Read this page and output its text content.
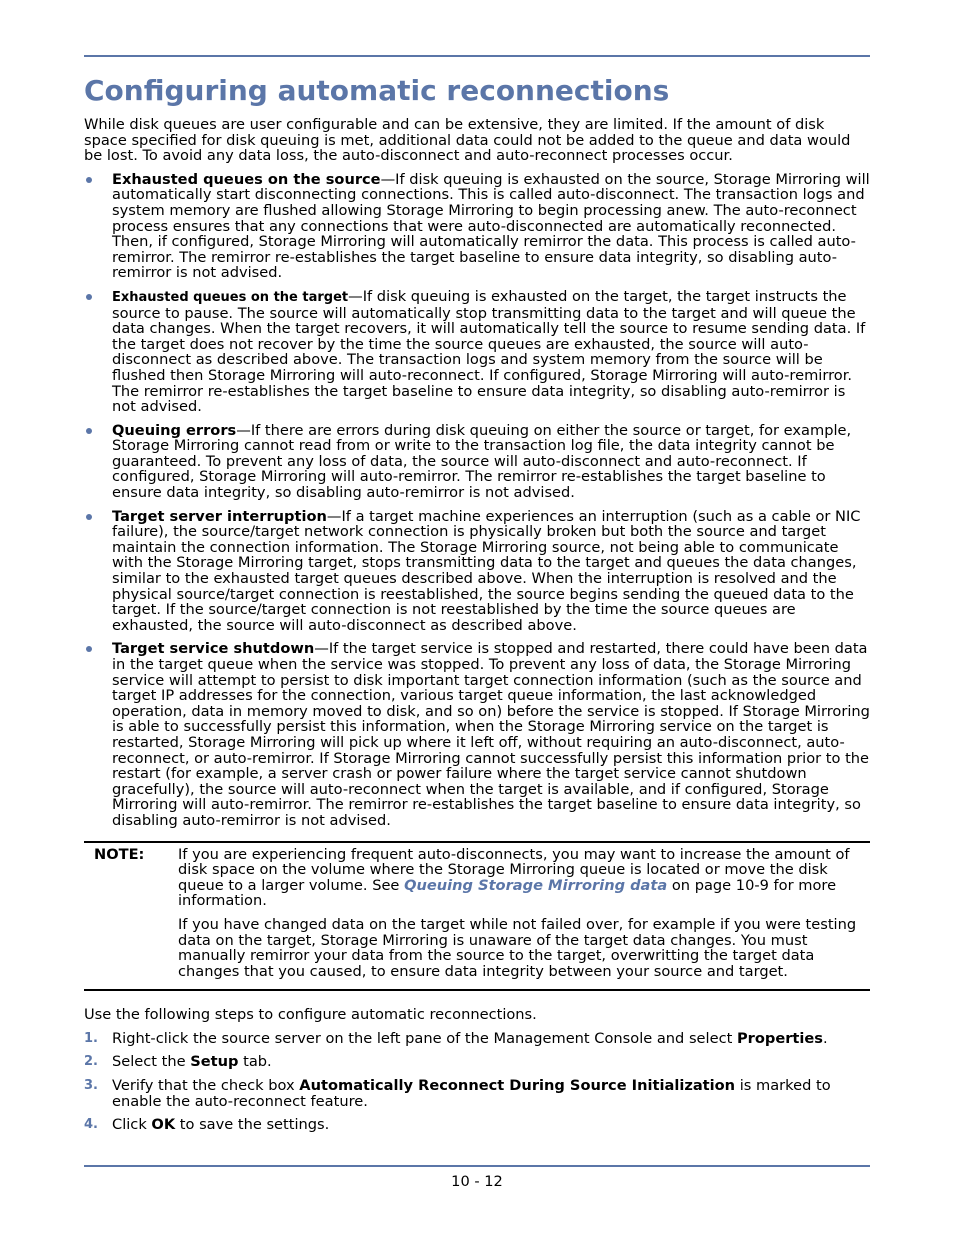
Configuring automatic reconnections

While disk queues are user configurable and can be extensive, they are limited. If the amount of disk space specified for disk queuing is met, additional data could not be added to the queue and data would be lost. To avoid any data loss, the auto-disconnect and auto-reconnect processes occur.

Exhausted queues on the source—If disk queuing is exhausted on the source, Storage Mirroring will automatically start disconnecting connections. This is called auto-disconnect. The transaction logs and system memory are flushed allowing Storage Mirroring to begin processing anew. The auto-reconnect process ensures that any connections that were auto-disconnected are automatically reconnected. Then, if configured, Storage Mirroring will automatically remirror the data. This process is called auto-remirror. The remirror re-establishes the target baseline to ensure data integrity, so disabling auto-remirror is not advised.
Exhausted queues on the target—If disk queuing is exhausted on the target, the target instructs the source to pause. The source will automatically stop transmitting data to the target and will queue the data changes. When the target recovers, it will automatically tell the source to resume sending data. If the target does not recover by the time the source queues are exhausted, the source will auto-disconnect as described above. The transaction logs and system memory from the source will be flushed then Storage Mirroring will auto-reconnect. If configured, Storage Mirroring will auto-remirror. The remirror re-establishes the target baseline to ensure data integrity, so disabling auto-remirror is not advised.
Queuing errors—If there are errors during disk queuing on either the source or target, for example, Storage Mirroring cannot read from or write to the transaction log file, the data integrity cannot be guaranteed. To prevent any loss of data, the source will auto-disconnect and auto-reconnect. If configured, Storage Mirroring will auto-remirror. The remirror re-establishes the target baseline to ensure data integrity, so disabling auto-remirror is not advised.
Target server interruption—If a target machine experiences an interruption (such as a cable or NIC failure), the source/target network connection is physically broken but both the source and target maintain the connection information. The Storage Mirroring source, not being able to communicate with the Storage Mirroring target, stops transmitting data to the target and queues the data changes, similar to the exhausted target queues described above. When the interruption is resolved and the physical source/target connection is reestablished, the source begins sending the queued data to the target. If the source/target connection is not reestablished by the time the source queues are exhausted, the source will auto-disconnect as described above.
Target service shutdown—If the target service is stopped and restarted, there could have been data in the target queue when the service was stopped. To prevent any loss of data, the Storage Mirroring service will attempt to persist to disk important target connection information (such as the source and target IP addresses for the connection, various target queue information, the last acknowledged operation, data in memory moved to disk, and so on) before the service is stopped. If Storage Mirroring is able to successfully persist this information, when the Storage Mirroring service on the target is restarted, Storage Mirroring will pick up where it left off, without requiring an auto-disconnect, auto-reconnect, or auto-remirror. If Storage Mirroring cannot successfully persist this information prior to the restart (for example, a server crash or power failure where the target service cannot shutdown gracefully), the source will auto-reconnect when the target is available, and if configured, Storage Mirroring will auto-remirror. The remirror re-establishes the target baseline to ensure data integrity, so disabling auto-remirror is not advised.
NOTE:	If you are experiencing frequent auto-disconnects, you may want to increase the amount of disk space on the volume where the Storage Mirroring queue is located or move the disk queue to a larger volume. See Queuing Storage Mirroring data on page 10-9 for more information.

If you have changed data on the target while not failed over, for example if you were testing data on the target, Storage Mirroring is unaware of the target data changes. You must manually remirror your data from the source to the target, overwritting the target data changes that you caused, to ensure data integrity between your source and target.

Use the following steps to configure automatic reconnections.

1. Right-click the source server on the left pane of the Management Console and select Properties.
2. Select the Setup tab.
3. Verify that the check box Automatically Reconnect During Source Initialization is marked to enable the auto-reconnect feature.
4. Click OK to save the settings.
10 - 12
